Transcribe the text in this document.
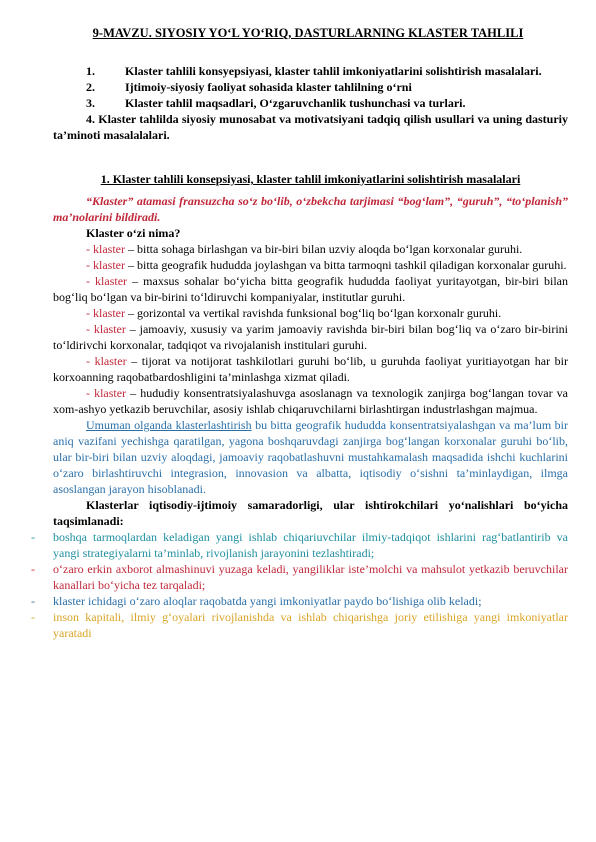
9-MAVZU. SIYOSIY YO‘L YO‘RIQ, DASTURLARNING KLASTER TAHLILI
1.	Klaster tahlili konsyepsiyasi, klaster tahlil imkoniyatlarini solishtirish masalalari.
2.	Ijtimoiy-siyosiy faoliyat sohasida klaster tahlilning o‘rni
3.	Klaster tahlil maqsadlari, O‘zgaruvchanlik tushunchasi va turlari.
4. Klaster tahlilda siyosiy munosabat va motivatsiyani tadqiq qilish usullari va uning dasturiy ta’minoti masalalalari.
1. Klaster tahlili konsepsiyasi, klaster tahlil imkoniyatlarini solishtirish masalalari

“Klaster” atamasi fransuzcha so‘z bo‘lib, o‘zbekcha tarjimasi “bog‘lam”, “guruh”, “to‘planish” ma’nolarini bildiradi.

Klaster o‘zi nima?

- klaster – bitta sohaga birlashgan va bir-biri bilan uzviy aloqda bo‘lgan korxonalar guruhi.

- klaster – bitta geografik hududda joylashgan va bitta tarmoqni tashkil qiladigan korxonalar guruhi.

- klaster – maxsus sohalar bo‘yicha bitta geografik hududda faoliyat yuritayotgan, bir-biri bilan bog‘liq bo‘lgan va bir-birini to‘ldiruvchi kompaniyalar, institutlar guruhi.

- klaster – gorizontal va vertikal ravishda funksional bog‘liq bo‘lgan korxonalr guruhi.

- klaster – jamoaviy, xususiy va yarim jamoaviy ravishda bir-biri bilan bog‘liq va o‘zaro bir-birini to‘ldirivchi korxonalar, tadqiqot va rivojalanish institulari guruhi.

- klaster – tijorat va notijorat tashkilotlari guruhi bo‘lib, u guruhda faoliyat yuritiayotgan har bir korxoanning raqobatbardoshligini ta’minlashga xizmat qiladi.

- klaster – hududiy konsentratsiyalashuvga asoslanagn va texnologik zanjirga bog‘langan tovar va xom-ashyo yetkazib beruvchilar, asosiy ishlab chiqaruvchilarni birlashtirgan industrlashgan majmua.

Umuman olganda klasterlashtirish bu bitta geografik hududda konsentratsiyalashgan va ma’lum bir aniq vazifani yechishga qaratilgan, yagona boshqaruvdagi zanjirga bog‘langan korxonalar guruhi bo‘lib, ular bir-biri bilan uzviy aloqdagi, jamoaviy raqobatlashuvni mustahkamalash maqsadida ishchi kuchlarini o‘zaro birlashtiruvchi integrasion, innovasion va albatta, iqtisodiy o‘sishni ta’minlaydigan, ilmga asoslangan jarayon hisoblanadi.

Klasterlar iqtisodiy-ijtimoiy samaradorligi, ular ishtirokchilari yo‘nalishlari bo‘yicha taqsimlanadi:

-	boshqa tarmoqlardan keladigan yangi ishlab chiqariuvchilar ilmiy-tadqiqot ishlarini rag‘batlantirib va yangi strategiyalarni ta’minlab, rivojlanish jarayonini tezlashtiradi;

-	o‘zaro erkin axborot almashinuvi yuzaga keladi, yangiliklar iste’molchi va mahsulot yetkazib beruvchilar kanallari bo‘yicha tez tarqaladi;

-	klaster ichidagi o‘zaro aloqlar raqobatda yangi imkoniyatlar paydo bo‘lishiga olib keladi;

-	inson kapitali, ilmiy g‘oyalari rivojlanishda va ishlab chiqarishga joriy etilishiga yangi imkoniyatlar yaratadi
